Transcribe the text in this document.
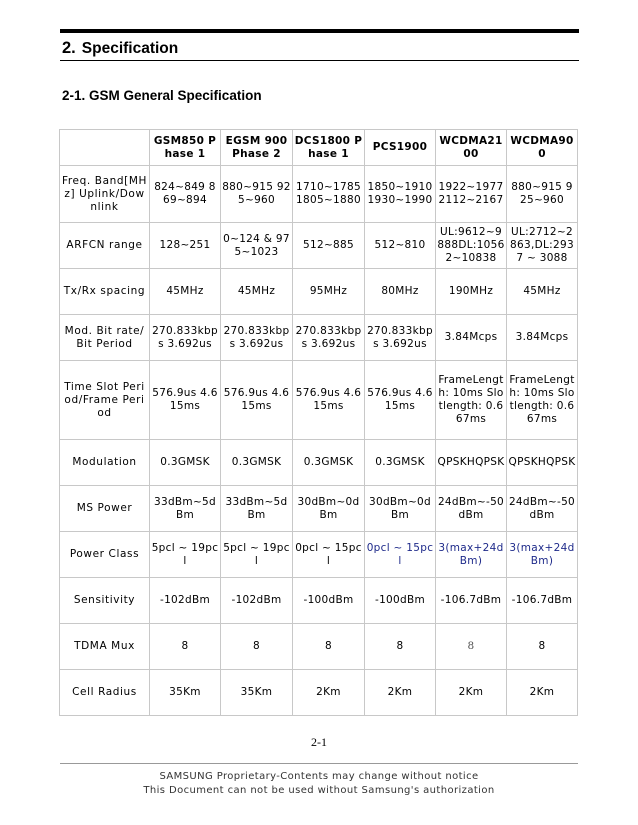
2. Specification
2-1. GSM General Specification
	GSM850 Phase 1	EGSM 900 Phase 2	DCS1800 Phase 1	PCS1900	WCDMA2100	WCDMA900
Freq. Band[MHz] Uplink/Downlink	824~849 869~894	880~915 925~960	1710~1785 1805~1880	1850~1910 1930~1990	1922~1977 2112~2167	880~915 925~960
ARFCN range	128~251	0~124 & 975~1023	512~885	512~810	UL:9612~9888DL:10562~10838	UL:2712~2863,DL:2937 ~ 3088
Tx/Rx spacing	45MHz	45MHz	95MHz	80MHz	190MHz	45MHz
Mod. Bit rate/ Bit Period	270.833kbps 3.692us	270.833kbps 3.692us	270.833kbps 3.692us	270.833kbps 3.692us	3.84Mcps	3.84Mcps
Time Slot Period/Frame Period	576.9us 4.615ms	576.9us 4.615ms	576.9us 4.615ms	576.9us 4.615ms	FrameLength: 10ms Slotlength: 0.667ms	FrameLength: 10ms Slotlength: 0.667ms
Modulation	0.3GMSK	0.3GMSK	0.3GMSK	0.3GMSK	QPSKHQPSK	QPSKHQPSK
MS Power	33dBm~5dBm	33dBm~5dBm	30dBm~0dBm	30dBm~0dBm	24dBm~-50dBm	24dBm~-50dBm
Power Class	5pcl ~ 19pcl	5pcl ~ 19pcl	0pcl ~ 15pcl	0pcl ~ 15pcl	3(max+24dBm)	3(max+24dBm)
Sensitivity	-102dBm	-102dBm	-100dBm	-100dBm	-106.7dBm	-106.7dBm
TDMA Mux	8	8	8	8	8	8
Cell Radius	35Km	35Km	2Km	2Km	2Km	2Km
2-1
SAMSUNG Proprietary-Contents may change without notice
This Document can not be used without Samsung's authorization
